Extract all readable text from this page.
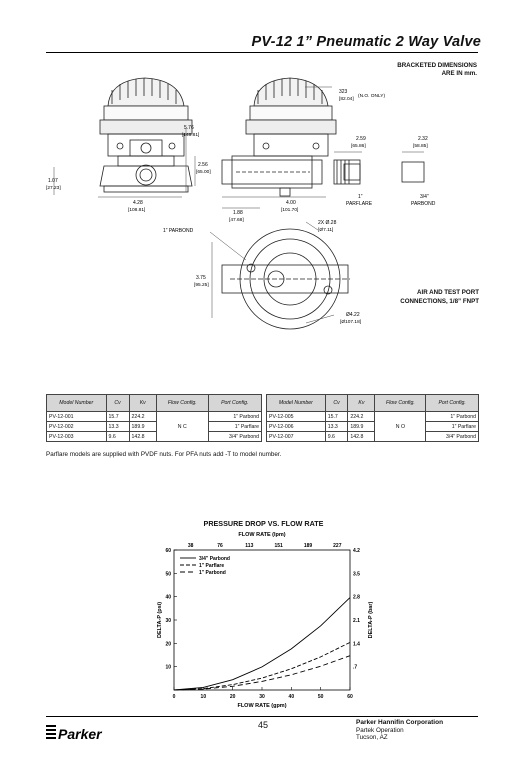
PV-12 1” Pneumatic 2 Way Valve
BRACKETED DIMENSIONS
ARE IN mm.
323
[82.04]
(N.O. ONLY)
5.76
[146.81]
2.56
[65.00]
1.07
[27.23]
4.28
[108.81]
4.00
[101.70]
1.88
[47.68]
2.59
[65.86]
2.32
[58.85]
1”
PARFLARE
3/4”
PARBOND
2X Ø.28
[Ø7.11]
1” PARBOND
3.75
[95.25]
Ø4.22
[Ø107.18]
AIR AND TEST PORT
CONNECTIONS, 1/8” FNPT
Model Number	Cv	Kv	Flow Config.	Port Config.
PV-12-001	15.7	224.2	N C	1” Parbond
PV-12-002	13.3	189.9		1” Parflare
PV-12-003	9.6	142.8		3/4” Parbond
Model Number	Cv	Kv	Flow Config.	Port Config.
PV-12-005	15.7	224.2	N O	1” Parbond
PV-12-006	13.3	189.9		1” Parflare
PV-12-007	9.6	142.8		3/4” Parbond
Parflare models are supplied with PVDF nuts. For PFA nuts add -T to model number.
PRESSURE DROP VS. FLOW RATE
FLOW RATE (lpm)
38	76	113	151	189	227
0	10	20	30	40	50	60
10	.7
20	1.4
30	2.1
40	2.8
50	3.5
60	4.2
FLOW RATE (gpm)
DELTA-P (psi)	DELTA-P (bar)
3/4" Parbond
1" Parflare
1" Parbond
Parker
45	Parker Hannifin Corporation
Partek Operation
Tucson, AZ
